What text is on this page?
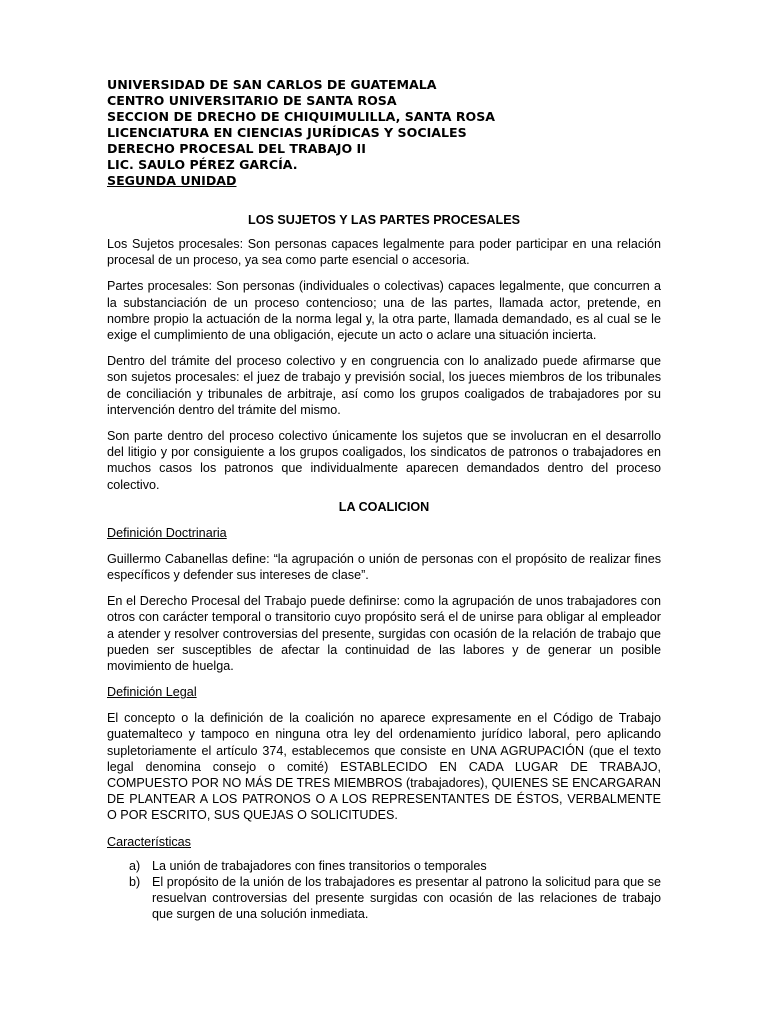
UNIVERSIDAD DE SAN CARLOS DE GUATEMALA
CENTRO UNIVERSITARIO DE SANTA ROSA
SECCION DE DRECHO DE CHIQUIMULILLA, SANTA ROSA
LICENCIATURA EN CIENCIAS JURÍDICAS Y SOCIALES
DERECHO PROCESAL DEL TRABAJO II
LIC. SAULO PÉREZ GARCÍA.
SEGUNDA UNIDAD
LOS SUJETOS Y LAS PARTES PROCESALES

Los Sujetos procesales: Son personas capaces legalmente para poder participar en una relación procesal de un proceso, ya sea como parte esencial o accesoria.

Partes procesales: Son personas (individuales o colectivas) capaces legalmente, que concurren a la substanciación de un proceso contencioso; una de las partes, llamada actor, pretende, en nombre propio la actuación de la norma legal y, la otra parte, llamada demandado, es al cual se le exige el cumplimiento de una obligación, ejecute un acto o aclare una situación incierta.

Dentro del trámite del proceso colectivo y en congruencia con lo analizado puede afirmarse que son sujetos procesales: el juez de trabajo y previsión social, los jueces miembros de los tribunales de conciliación y tribunales de arbitraje, así como los grupos coaligados de trabajadores por su intervención dentro del trámite del mismo.

Son parte dentro del proceso colectivo únicamente los sujetos que se involucran en el desarrollo del litigio y por consiguiente a los grupos coaligados, los sindicatos de patronos o trabajadores en muchos casos los patronos que individualmente aparecen demandados dentro del proceso colectivo.

LA COALICION
Definición Doctrinaria

Guillermo Cabanellas define: “la agrupación o unión de personas con el propósito de realizar fines específicos y defender sus intereses de clase”.

En el Derecho Procesal del Trabajo puede definirse: como la agrupación de unos trabajadores con otros con carácter temporal o transitorio cuyo propósito será el de unirse para obligar al empleador a atender y resolver controversias del presente, surgidas con ocasión de la relación de trabajo que pueden ser susceptibles de afectar la continuidad de las labores y de generar un posible movimiento de huelga.

Definición Legal

El concepto o la definición de la coalición no aparece expresamente en el Código de Trabajo guatemalteco y tampoco en ninguna otra ley del ordenamiento jurídico laboral, pero aplicando supletoriamente el artículo 374, establecemos que consiste en UNA AGRUPACIÓN (que el texto legal denomina consejo o comité) ESTABLECIDO EN CADA LUGAR DE TRABAJO, COMPUESTO POR NO MÁS DE TRES MIEMBROS (trabajadores), QUIENES SE ENCARGARAN DE PLANTEAR A LOS PATRONOS O A LOS REPRESENTANTES DE ÉSTOS, VERBALMENTE O POR ESCRITO, SUS QUEJAS O SOLICITUDES.

Características
a) La unión de trabajadores con fines transitorios o temporales
b) El propósito de la unión de los trabajadores es presentar al patrono la solicitud para que se resuelvan controversias del presente surgidas con ocasión de las relaciones de trabajo que surgen de una solución inmediata.
